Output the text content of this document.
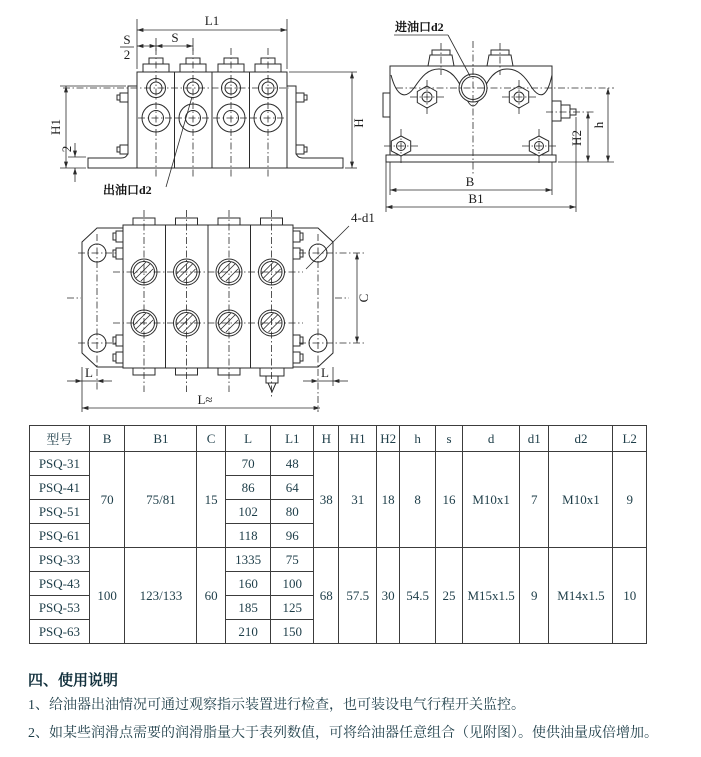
L1
S
2
S
H
H1
2
出油口d2
h
H2
B
B1
进油口d2
4-d1
C
L	L
L≈
型号	B	B1	C	L	L1	H	H1	H2	h	s	d	d1	d2	L2
PSQ-31	70	75/81	15	70	48	38	31	18	8	16	M10x1	7	M10x1	9
PSQ-41				86	64									
PSQ-51				102	80									
PSQ-61				118	96									
PSQ-33	100	123/133	60	1335	75	68	57.5	30	54.5	25	M15x1.5	9	M14x1.5	10
PSQ-43				160	100									
PSQ-53				185	125									
PSQ-63				210	150									
四、使用说明

1、给油器出油情况可通过观察指示装置进行检查，也可装设电气行程开关监控。

2、如某些润滑点需要的润滑脂量大于表列数值，可将给油器任意组合（见附图）。使供油量成倍增加。
